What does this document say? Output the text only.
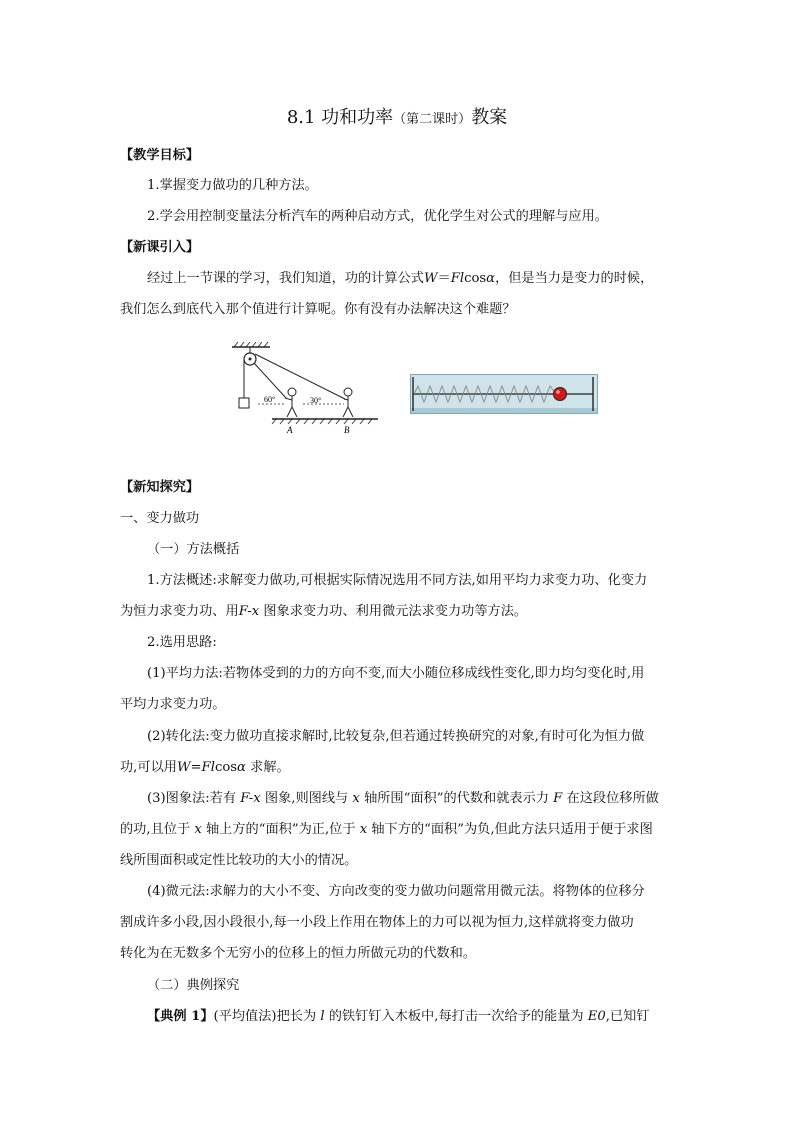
8.1 功和功率（第二课时）教案
【教学目标】
1.掌握变力做功的几种方法。
2.学会用控制变量法分析汽车的两种启动方式，优化学生对公式的理解与应用。
【新课引入】
经过上一节课的学习，我们知道，功的计算公式W＝Flcosα，但是当力是变力的时候，
我们怎么到底代入那个值进行计算呢。你有没有办法解决这个难题？
60°	30°
A	B
【新知探究】
一、变力做功
（一）方法概括
1.方法概述:求解变力做功,可根据实际情况选用不同方法,如用平均力求变力功、化变力
为恒力求变力功、用F-x 图象求变力功、利用微元法求变力功等方法。
2.选用思路:
(1)平均力法:若物体受到的力的方向不变,而大小随位移成线性变化,即力均匀变化时,用
平均力求变力功。
(2)转化法:变力做功直接求解时,比较复杂,但若通过转换研究的对象,有时可化为恒力做
功,可以用W=Flcosα 求解。
(3)图象法:若有 F-x 图象,则图线与 x 轴所围“面积”的代数和就表示力 F 在这段位移所做
的功,且位于 x 轴上方的“面积”为正,位于 x 轴下方的“面积”为负,但此方法只适用于便于求图
线所围面积或定性比较功的大小的情况。
(4)微元法:求解力的大小不变、方向改变的变力做功问题常用微元法。将物体的位移分
割成许多小段,因小段很小,每一小段上作用在物体上的力可以视为恒力,这样就将变力做功
转化为在无数多个无穷小的位移上的恒力所做元功的代数和。
（二）典例探究
【典例 1】(平均值法)把长为 l 的铁钉钉入木板中,每打击一次给予的能量为 E0,已知钉
